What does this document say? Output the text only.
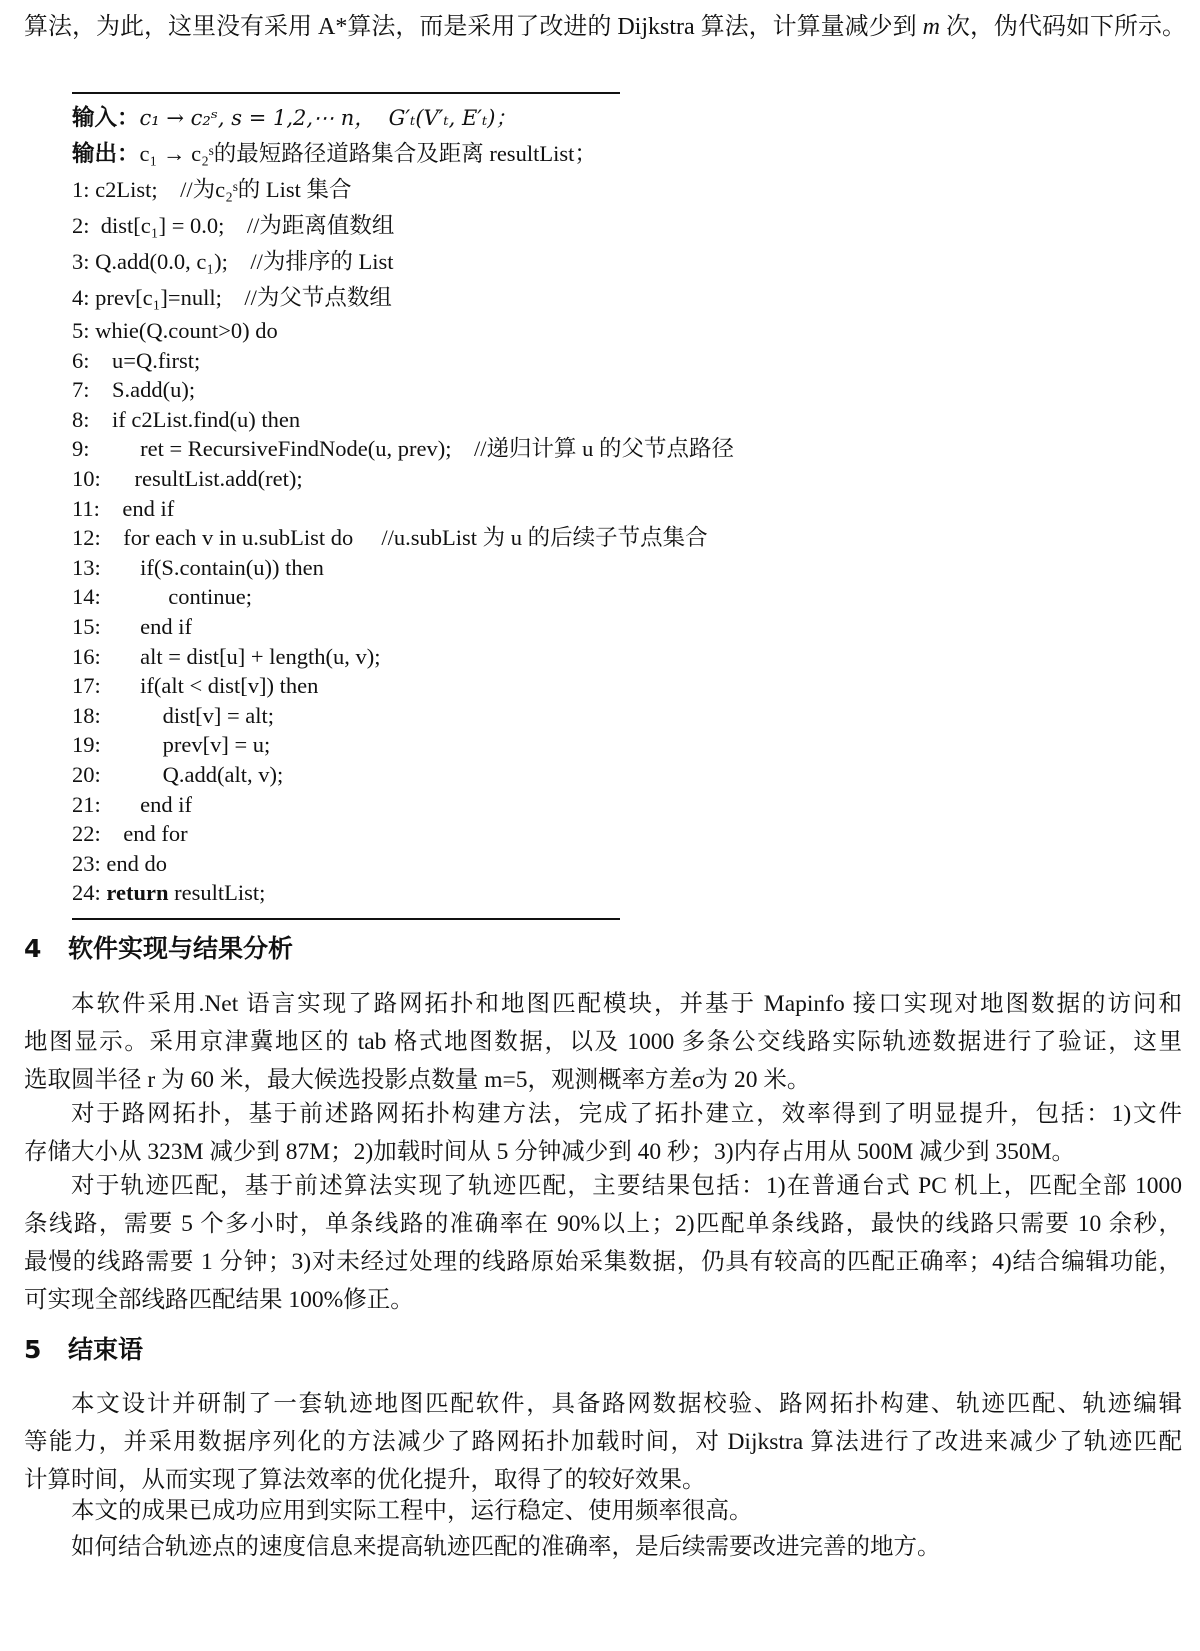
算法，为此，这里没有采用 A*算法，而是采用了改进的 Dijkstra 算法，计算量减少到 m 次，伪代码如下所示。

输入：c₁ → c₂ˢ, s = 1,2,⋯ n，  G′ₜ(V′ₜ, E′ₜ)；
输出：c₁ → c₂ˢ的最短路径道路集合及距离 resultList；
1: c2List;    //为c₂ˢ的 List 集合
2:  dist[c₁] = 0.0;    //为距离值数组
3: Q.add(0.0, c₁);    //为排序的 List
4: prev[c₁]=null;    //为父节点数组
5: whie(Q.count>0) do
6:    u=Q.first;
7:    S.add(u);
8:    if c2List.find(u) then
9:         ret = RecursiveFindNode(u, prev);    //递归计算 u 的父节点路径
10:      resultList.add(ret);
11:    end if
12:    for each v in u.subList do     //u.subList 为 u 的后续子节点集合
13:       if(S.contain(u)) then
14:            continue;
15:       end if
16:       alt = dist[u] + length(u, v);
17:       if(alt < dist[v]) then
18:           dist[v] = alt;
19:           prev[v] = u;
20:           Q.add(alt, v);
21:       end if
22:    end for
23: end do
24: return resultList;
4 软件实现与结果分析
本软件采用.Net 语言实现了路网拓扑和地图匹配模块，并基于 Mapinfo 接口实现对地图数据的访问和
地图显示。采用京津冀地区的 tab 格式地图数据，以及 1000 多条公交线路实际轨迹数据进行了验证，这里
选取圆半径 r 为 60 米，最大候选投影点数量 m=5，观测概率方差σ为 20 米。
对于路网拓扑，基于前述路网拓扑构建方法，完成了拓扑建立，效率得到了明显提升，包括：1)文件
存储大小从 323M 减少到 87M；2)加载时间从 5 分钟减少到 40 秒；3)内存占用从 500M 减少到 350M。
对于轨迹匹配，基于前述算法实现了轨迹匹配，主要结果包括：1)在普通台式 PC 机上，匹配全部 1000
条线路，需要 5 个多小时，单条线路的准确率在 90%以上；2)匹配单条线路，最快的线路只需要 10 余秒，
最慢的线路需要 1 分钟；3)对未经过处理的线路原始采集数据，仍具有较高的匹配正确率；4)结合编辑功能，
可实现全部线路匹配结果 100%修正。
5 结束语
本文设计并研制了一套轨迹地图匹配软件，具备路网数据校验、路网拓扑构建、轨迹匹配、轨迹编辑
等能力，并采用数据序列化的方法减少了路网拓扑加载时间，对 Dijkstra 算法进行了改进来减少了轨迹匹配
计算时间，从而实现了算法效率的优化提升，取得了的较好效果。
本文的成果已成功应用到实际工程中，运行稳定、使用频率很高。
如何结合轨迹点的速度信息来提高轨迹匹配的准确率，是后续需要改进完善的地方。
